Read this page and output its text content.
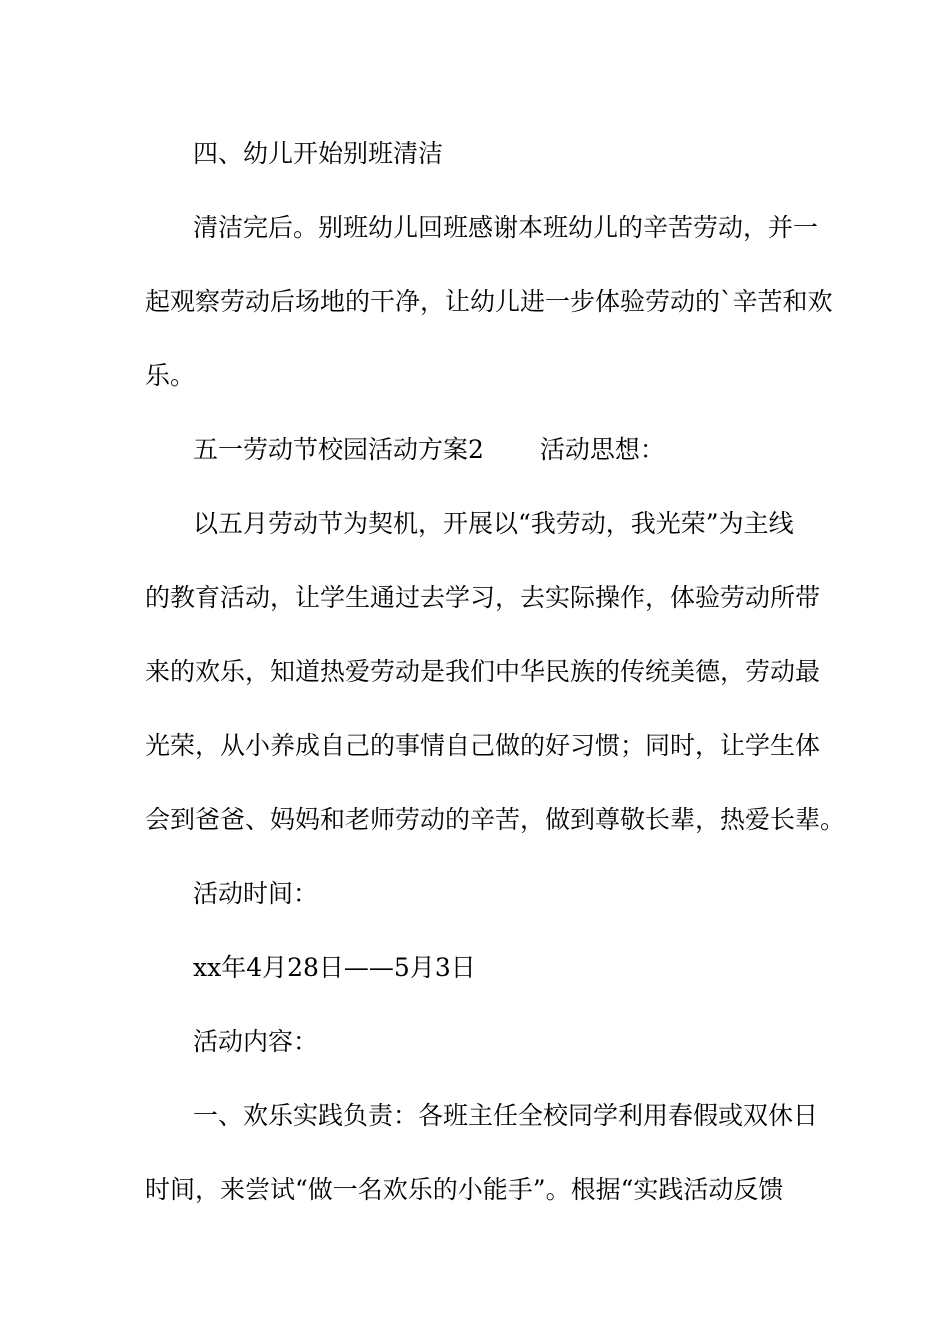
四、幼儿开始别班清洁
清洁完后。别班幼儿回班感谢本班幼儿的辛苦劳动，并一
起观察劳动后场地的干净，让幼儿进一步体验劳动的`辛苦和欢
乐。
五一劳动节校园活动方案2 活动思想：
以五月劳动节为契机，开展以“我劳动，我光荣”为主线
的教育活动，让学生通过去学习，去实际操作，体验劳动所带
来的欢乐，知道热爱劳动是我们中华民族的传统美德，劳动最
光荣，从小养成自己的事情自己做的好习惯；同时，让学生体
会到爸爸、妈妈和老师劳动的辛苦，做到尊敬长辈，热爱长辈。
活动时间：
xx年4月28日——5月3日
活动内容：
一、欢乐实践负责：各班主任全校同学利用春假或双休日
时间，来尝试“做一名欢乐的小能手”。根据“实践活动反馈
